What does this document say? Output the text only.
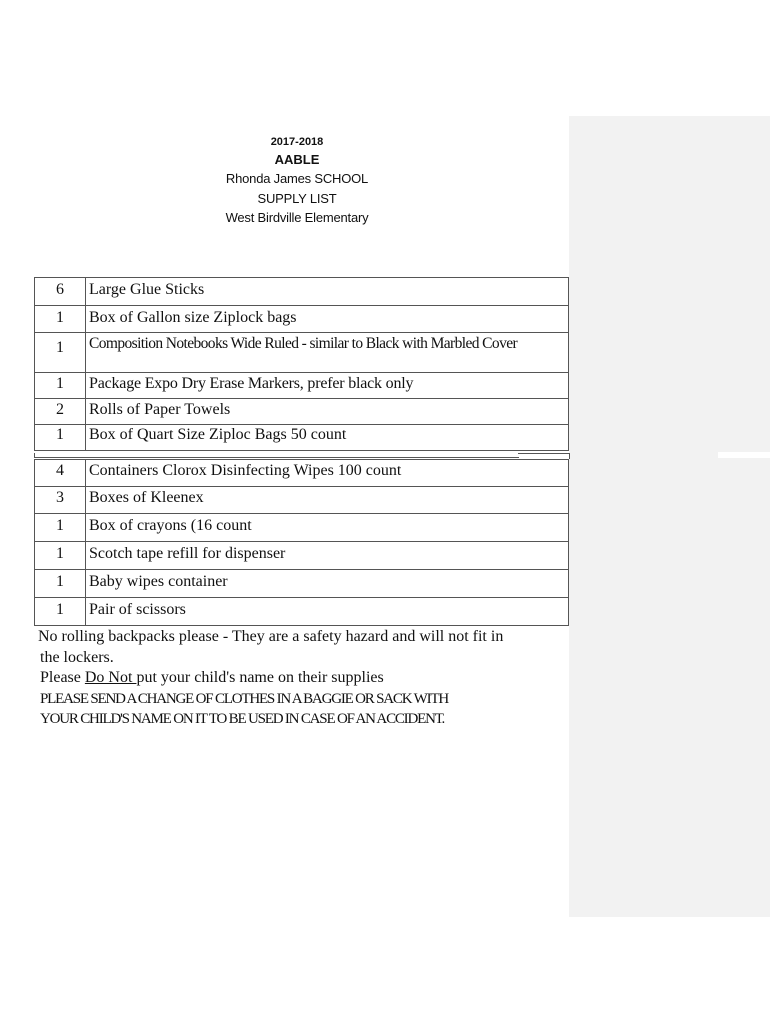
2017-2018
AABLE
Rhonda James SCHOOL
SUPPLY LIST
West Birdville Elementary
6	Large Glue Sticks
1	Box of Gallon size Ziplock bags
1	Composition Notebooks Wide Ruled - similar to Black with Marbled Cover
1	Package Expo Dry Erase Markers, prefer black only
2	Rolls of Paper Towels
1	Box of Quart Size Ziploc Bags 50 count
4	Containers Clorox Disinfecting Wipes 100 count
3	Boxes of Kleenex
1	Box of crayons (16 count
1	Scotch tape refill for dispenser
1	Baby wipes container
1	Pair of scissors
No rolling backpacks please - They are a safety hazard and will not fit in
the lockers.
Please Do Not put your child's name on their supplies
PLEASE SEND A CHANGE OF CLOTHES IN A BAGGIE OR SACK WITH
YOUR CHILD'S NAME ON IT TO BE USED IN CASE OF AN ACCIDENT.
